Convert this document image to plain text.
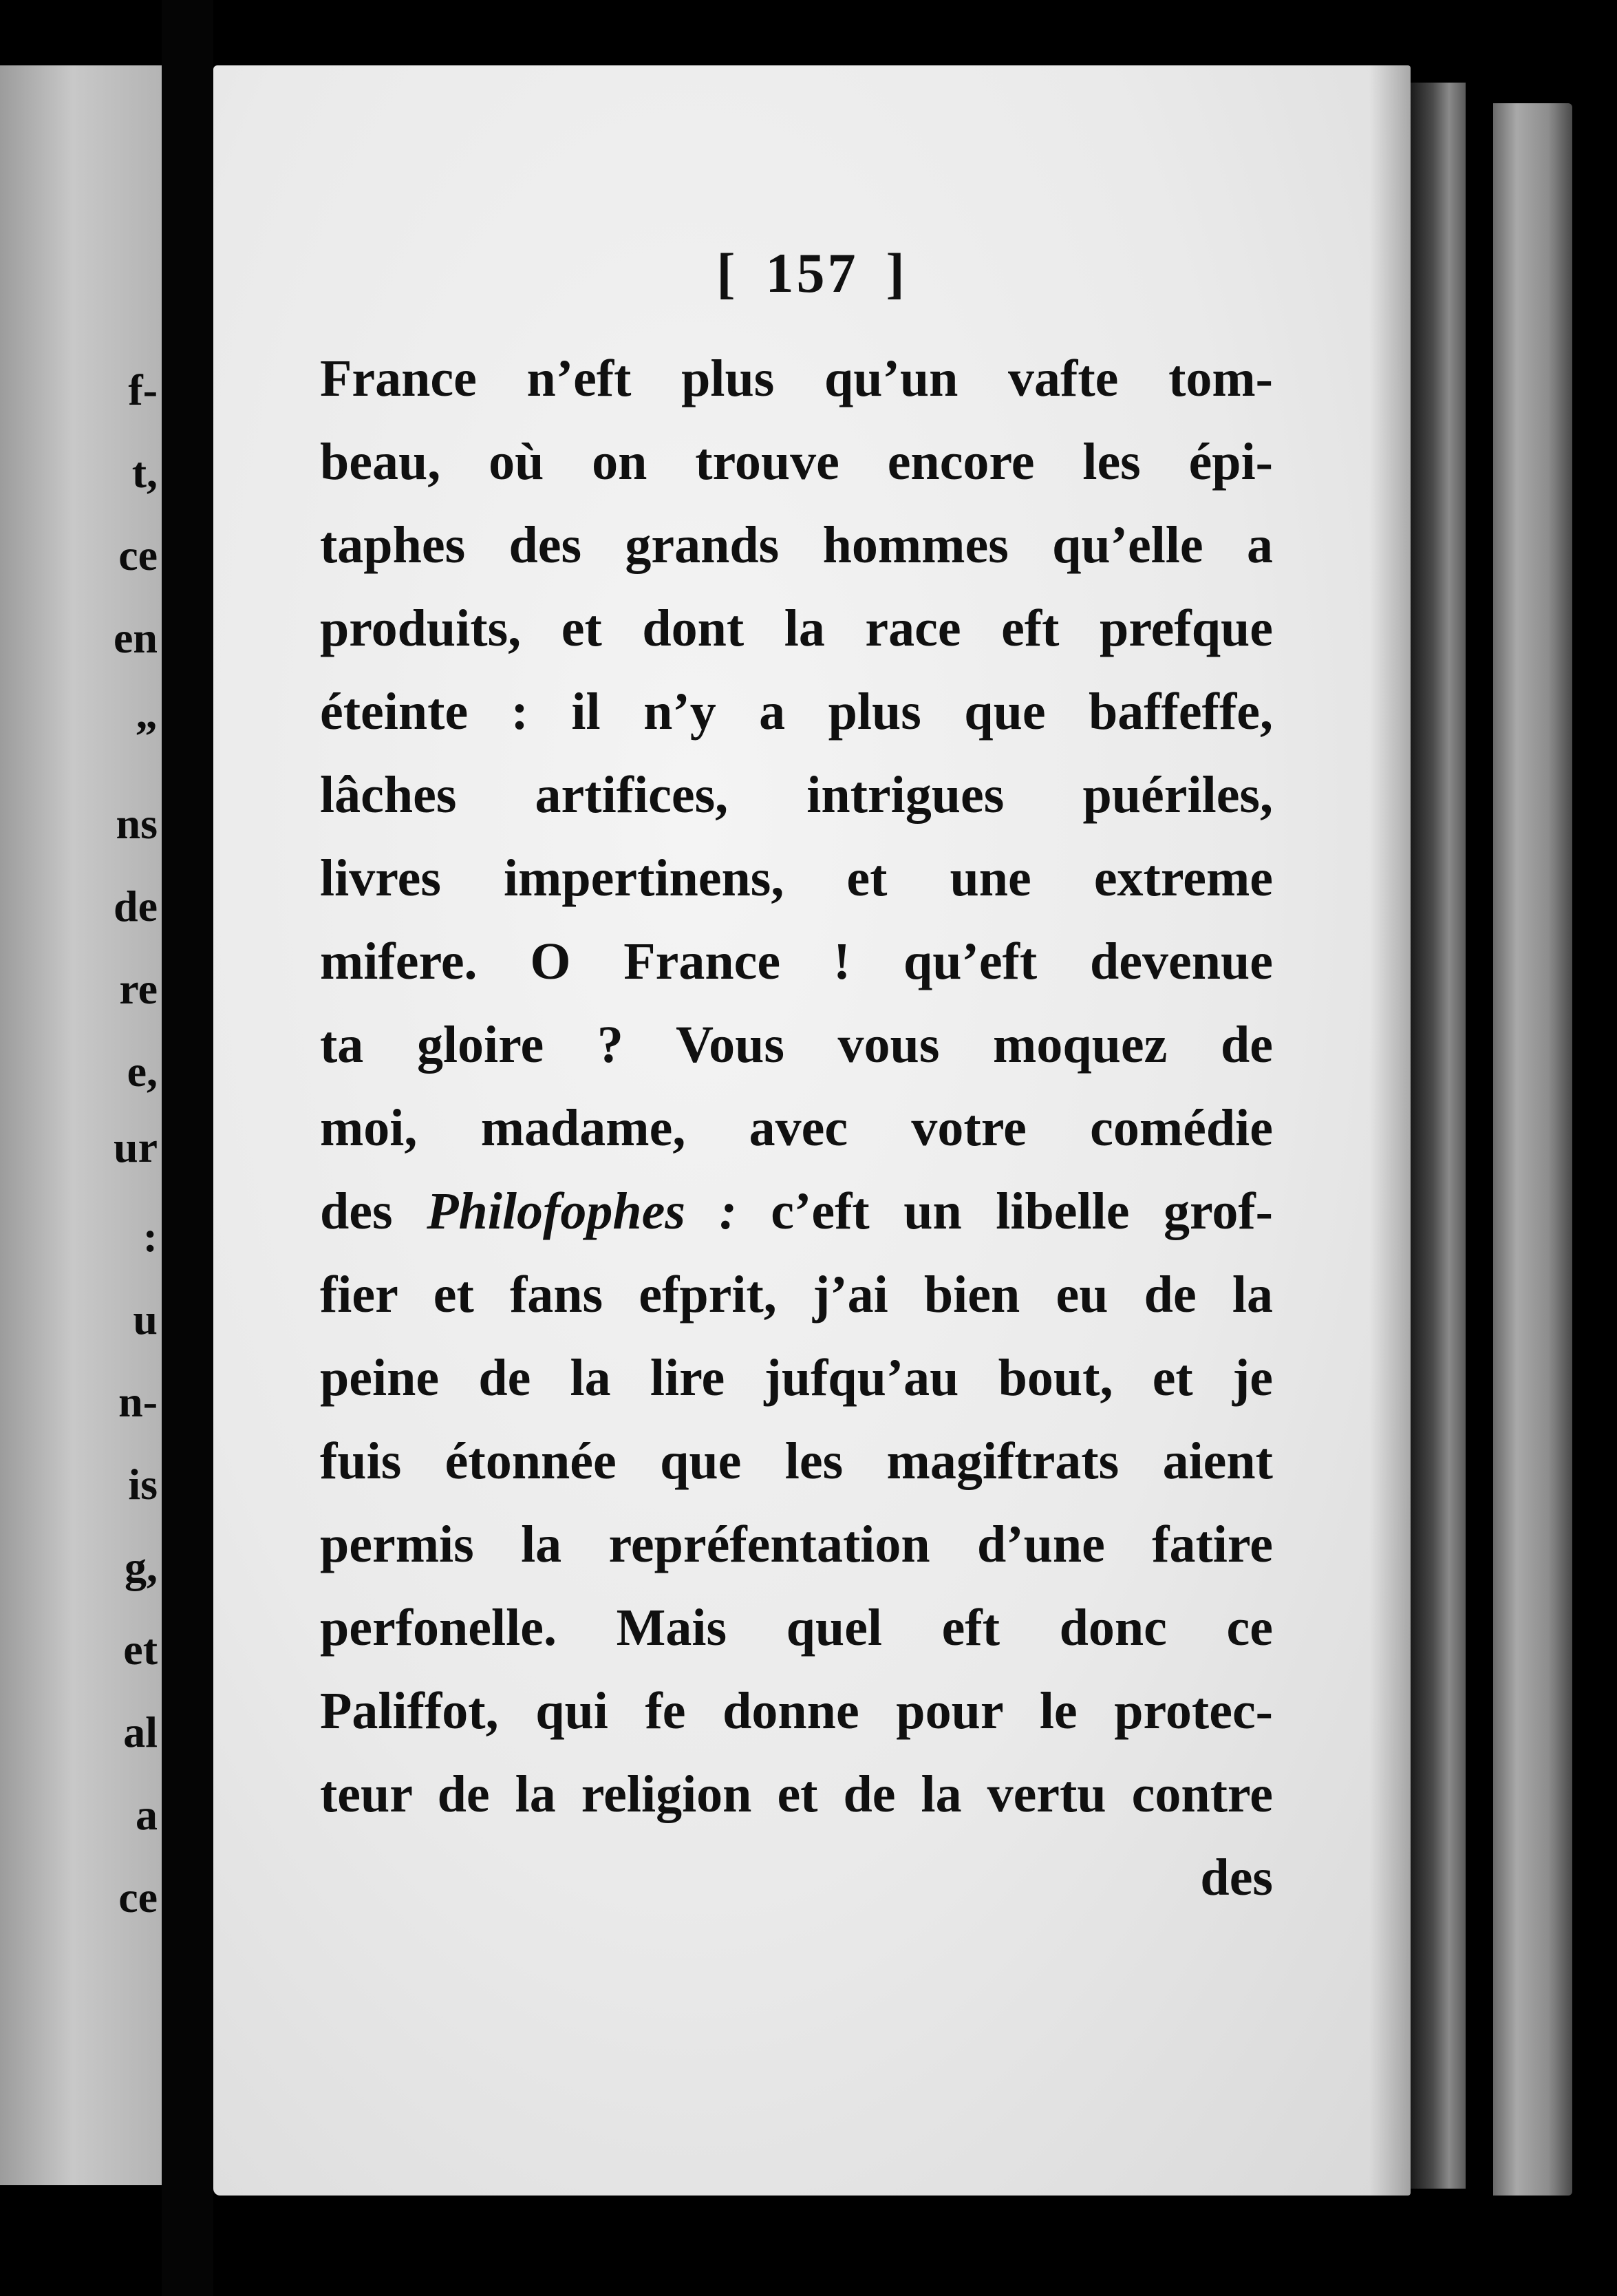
f-
t,
ce
en
„
ns
de
re
e,
ur
:
u
n-
is
g,
et
al
a
ce
[ 157 ]
France n’eft plus qu’un vafte tom-
beau, où on trouve encore les épi-
taphes des grands hommes qu’elle a
produits, et dont la race eft prefque
éteinte : il n’y a plus que baffeffe,
lâches artifices, intrigues puériles,
livres impertinens, et une extreme
mifere. O France ! qu’eft devenue
ta gloire ? Vous vous moquez de
moi, madame, avec votre comédie
des Philofophes : c’eft un libelle grof-
fier et fans efprit, j’ai bien eu de la
peine de la lire jufqu’au bout, et je
fuis étonnée que les magiftrats aient
permis la repréfentation d’une fatire
perfonelle. Mais quel eft donc ce
Paliffot, qui fe donne pour le protec-
teur de la religion et de la vertu contre
des
